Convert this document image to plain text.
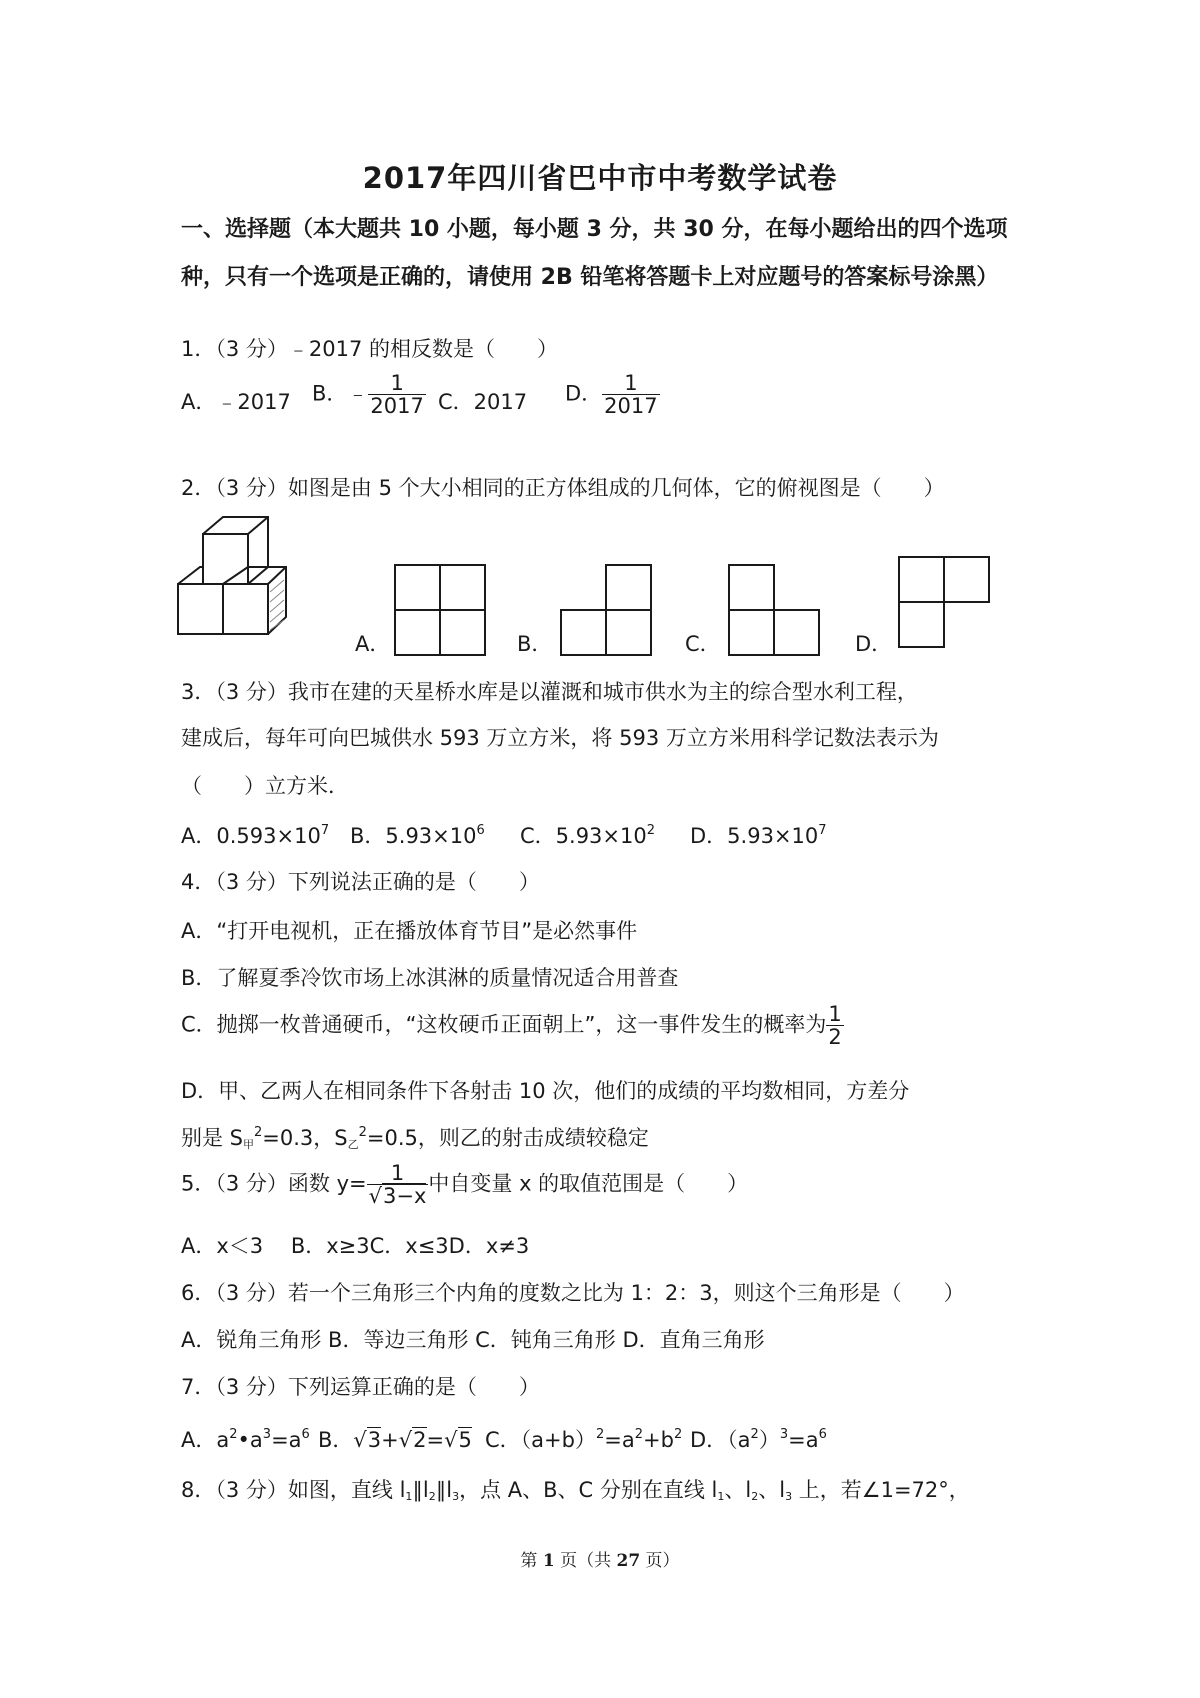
2017年四川省巴中市中考数学试卷
一、选择题（本大题共 10 小题，每小题 3 分，共 30 分，在每小题给出的四个选项种，只有一个选项是正确的，请使用 2B 铅笔将答题卡上对应题号的答案标号涂黑）
1．（3 分）﹣2017 的相反数是（　　）
A．﹣2017 B．﹣ $\frac{1}{2017}$ C．2017 D． $\frac{1}{2017}$
2．（3 分）如图是由 5 个大小相同的正方体组成的几何体，它的俯视图是（　　）
A．	B．	C．	D．
3．（3 分）我市在建的天星桥水库是以灌溉和城市供水为主的综合型水利工程，
建成后，每年可向巴城供水 593 万立方米，将 593 万立方米用科学记数法表示为
（　　）立方米．
A．$0.593\times 10^7$ B．$5.93\times 10^6$ C．$5.93\times 10^2$ D．$5.93\times 10^7$
4．（3 分）下列说法正确的是（　　）
A．“打开电视机，正在播放体育节目”是必然事件
B．了解夏季冷饮市场上冰淇淋的质量情况适合用普查
C．抛掷一枚普通硬币，“这枚硬币正面朝上”，这一事件发生的概率为 $\frac{1}{2}$
D．甲、乙两人在相同条件下各射击 10 次，他们的成绩的平均数相同，方差分
别是 $S_甲^2=0.3$，$S_乙^2=0.5$，则乙的射击成绩较稳定
5．（3 分）函数 $y= \frac{1}{√3-x}$ 中自变量 x 的取值范围是（　　）
A．x＜3　 B．x≥3C．x≤3D．x≠3
6．（3 分）若一个三角形三个内角的度数之比为 1：2：3，则这个三角形是（　　）
A．锐角三角形 B．等边三角形 C．钝角三角形 D．直角三角形
7．（3 分）下列运算正确的是（　　）
A．$a^2•a^3=a^6$ B．√3+√2=√5 C．$(a+b)^2=a^2+b^2$ D．$(a^2)^3=a^6$
8．（3 分）如图，直线 $l_1\parallel l_2\parallel l_3$，点 A、B、C 分别在直线 $l_1$、$l_2$、$l_3$ 上，若∠1=72°，
第 1 页（共 27 页）
